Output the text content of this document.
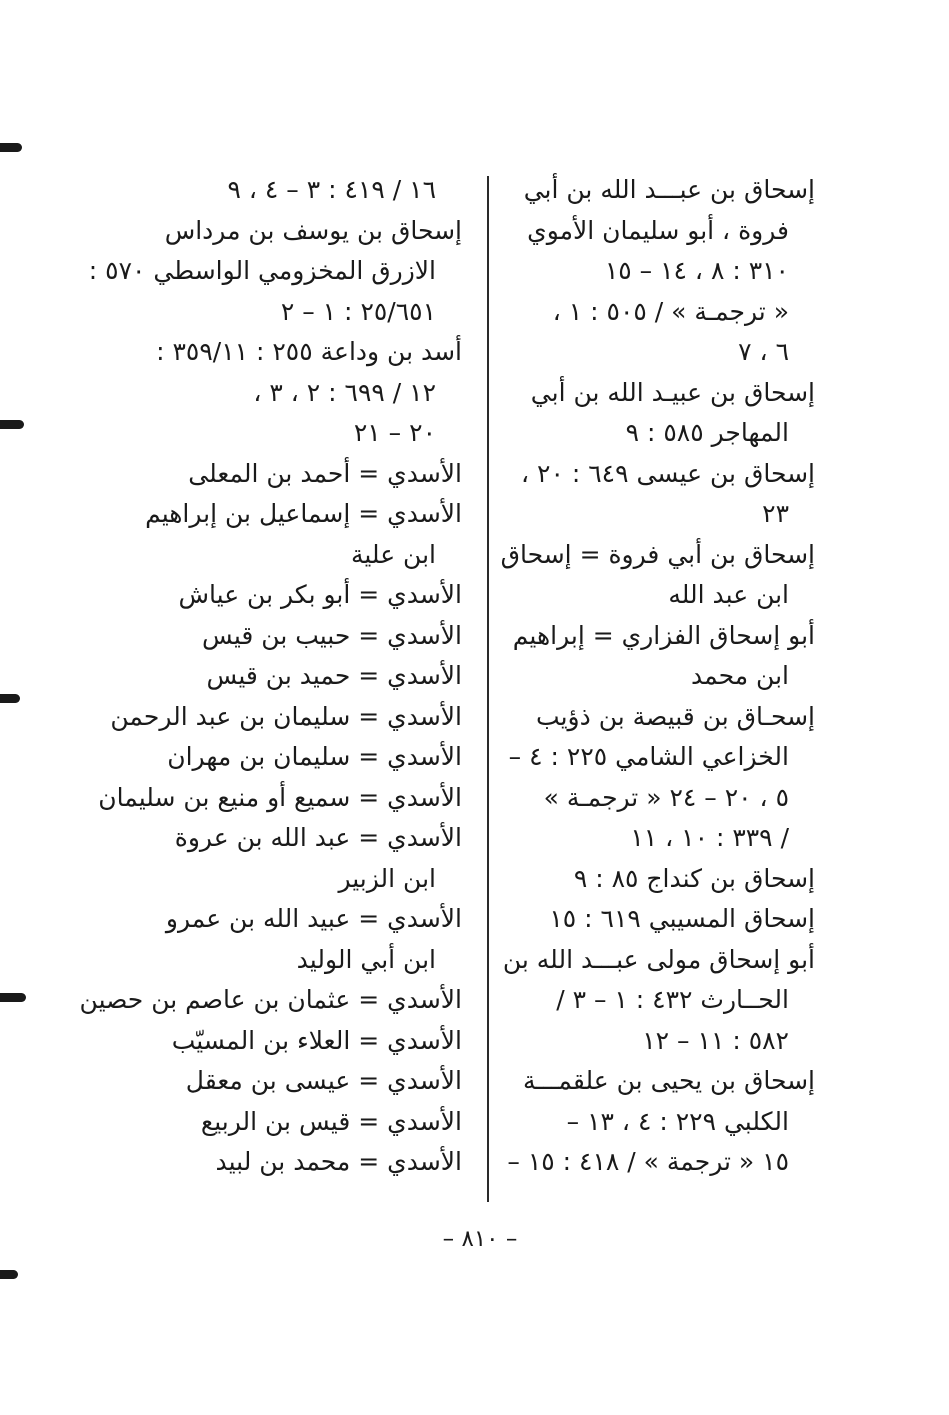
إسحاق بن عبـــد الله بن أبي
فروة ، أبو سليمان الأموي
٣١٠ : ٨ ، ١٤ – ١٥
« ترجمـة » / ٥٠٥ : ١ ،
٦ ، ٧
إسحاق بن عبيـد الله بن أبي
المهاجر ٥٨٥ : ٩
إسحاق بن عيسى ٦٤٩ : ٢٠ ،
٢٣
إسحاق بن أبي فروة = إسحاق
ابن عبد الله
أبو إسحاق الفزاري = إبراهيم
ابن محمد
إسحـاق بن قبيصة بن ذؤيب
الخزاعي الشامي ٢٢٥ : ٤ –
٥ ، ٢٠ – ٢٤ « ترجمـة »
/ ٣٣٩ : ١٠ ، ١١
إسحاق بن كنداج ٨٥ : ٩
إسحاق المسيبي ٦١٩ : ١٥
أبو إسحاق مولى عبـــد الله بن
الحــارث ٤٣٢ : ١ – ٣ /
٥٨٢ : ١١ – ١٢
إسحاق بن يحيى بن علقمـــة
الكلبي ٢٢٩ : ٤ ، ١٣ –
١٥ « ترجمة » / ٤١٨ : ١٥ –
١٦ / ٤١٩ : ٣ – ٤ ، ٩
إسحاق بن يوسف بن مرداس
الازرق المخزومي الواسطي ٥٧٠ :
٢٥/٦٥١ : ١ – ٢
أسد بن وداعة ٢٥٥ : ٣٥٩/١١ :
١٢ / ٦٩٩ : ٢ ، ٣ ،
٢٠ – ٢١
الأسدي = أحمد بن المعلى
الأسدي = إسماعيل بن إبراهيم
ابن علية
الأسدي = أبو بكر بن عياش
الأسدي = حبيب بن قيس
الأسدي = حميد بن قيس
الأسدي = سليمان بن عبد الرحمن
الأسدي = سليمان بن مهران
الأسدي = سميع أو منيع بن سليمان
الأسدي = عبد الله بن عروة
ابن الزبير
الأسدي = عبيد الله بن عمرو
ابن أبي الوليد
الأسدي = عثمان بن عاصم بن حصين
الأسدي = العلاء بن المسيّب
الأسدي = عيسى بن معقل
الأسدي = قيس بن الربيع
الأسدي = محمد بن لبيد
– ٨١٠ –
